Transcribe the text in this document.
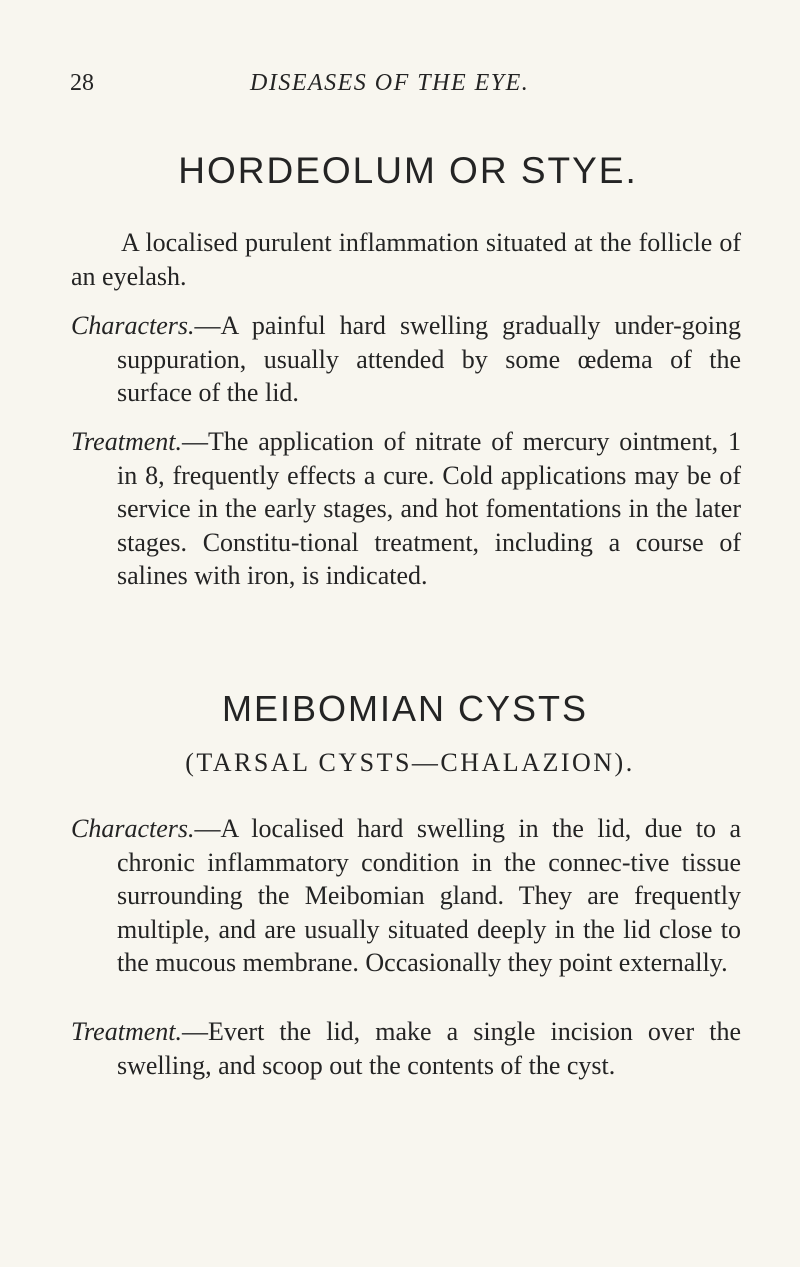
28	DISEASES OF THE EYE.
HORDEOLUM OR STYE.
A localised purulent inflammation situated at the follicle of an eyelash.
Characters.—A painful hard swelling gradually under-going suppuration, usually attended by some œdema of the surface of the lid.
Treatment.—The application of nitrate of mercury ointment, 1 in 8, frequently effects a cure. Cold applications may be of service in the early stages, and hot fomentations in the later stages. Constitu-tional treatment, including a course of salines with iron, is indicated.
MEIBOMIAN CYSTS
(TARSAL CYSTS—CHALAZION).
Characters.—A localised hard swelling in the lid, due to a chronic inflammatory condition in the connec-tive tissue surrounding the Meibomian gland. They are frequently multiple, and are usually situated deeply in the lid close to the mucous membrane. Occasionally they point externally.
Treatment.—Evert the lid, make a single incision over the swelling, and scoop out the contents of the cyst.
